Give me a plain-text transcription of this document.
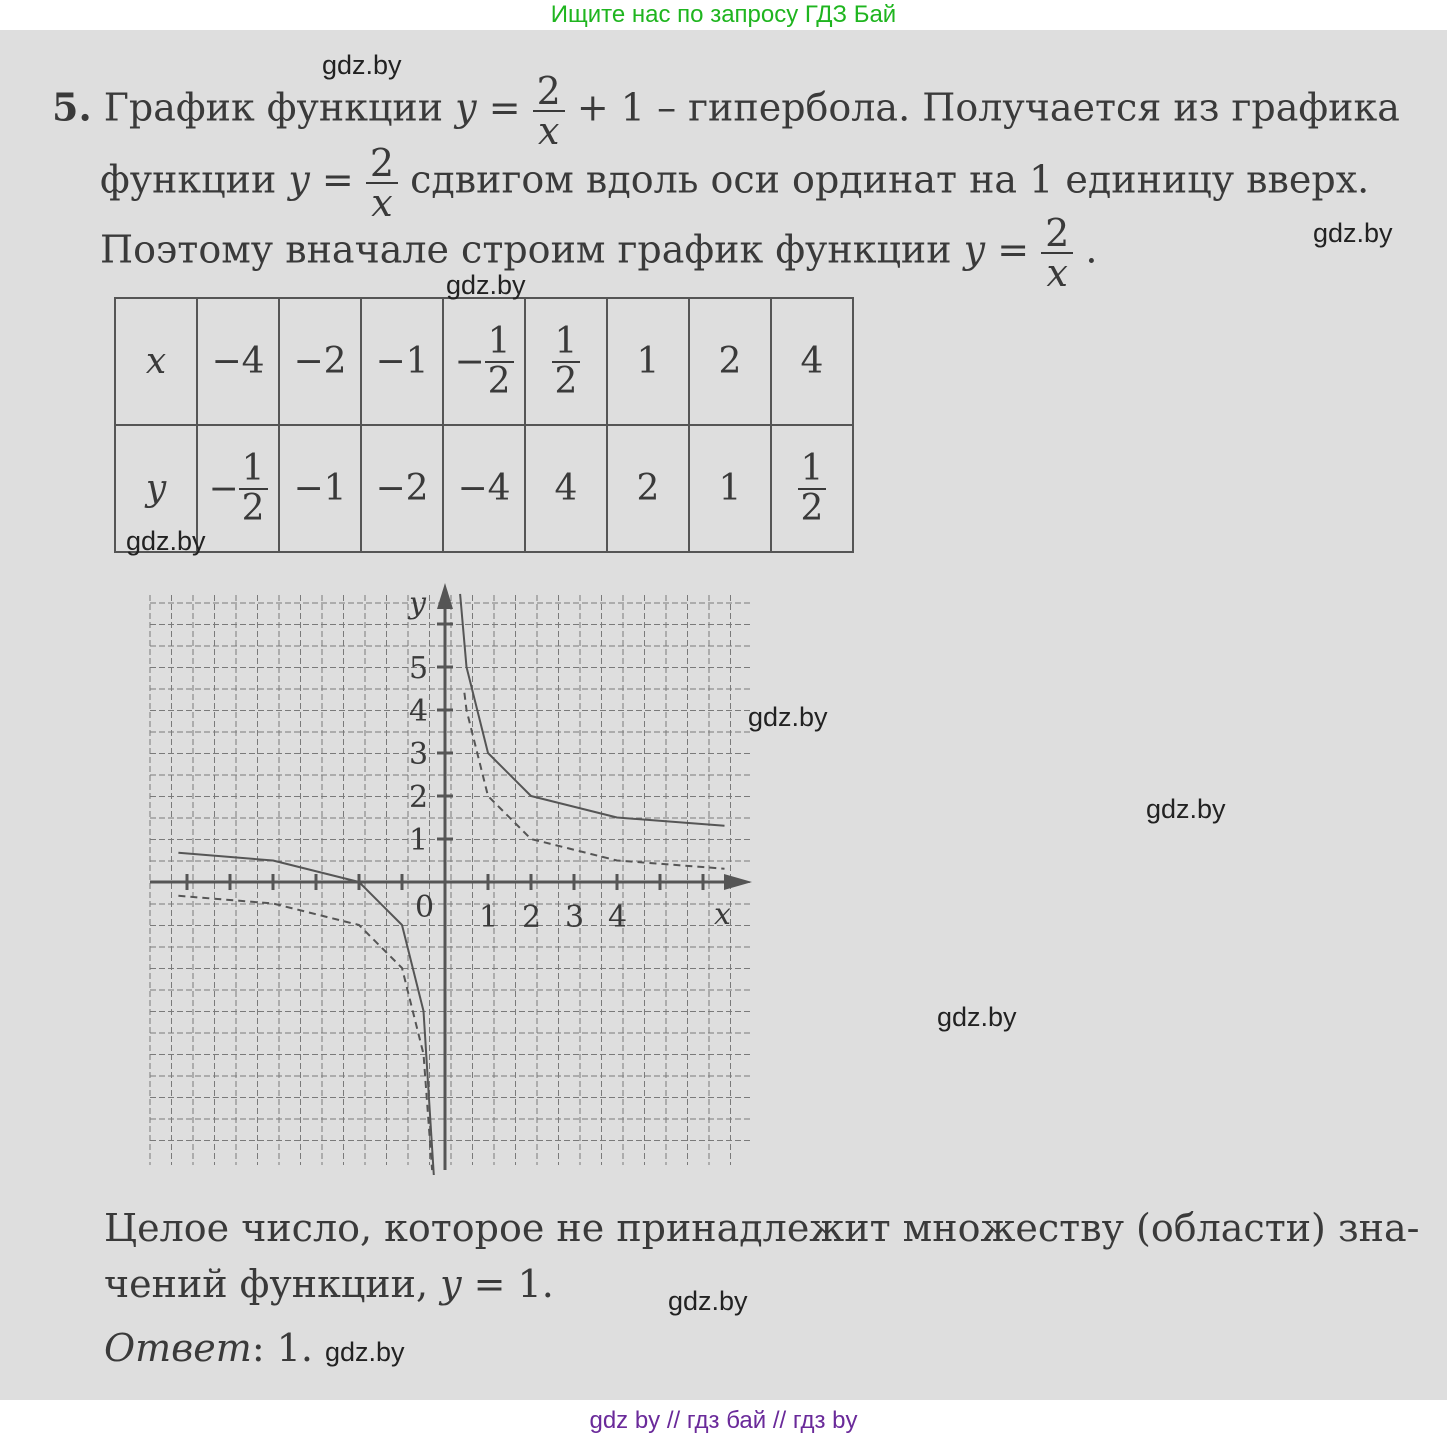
Ищите нас по запросу ГДЗ Бай
5. График функции $y = \frac{2}{x} + 1$ – гипербола. Получается из графика
функции $y = \frac{2}{x}$ сдвигом вдоль оси ординат на 1 единицу вверх.
Поэтому вначале строим график функции $y = \frac{2}{x}$ .
x	−4	−2	−1	− $\frac{1}{2}$	$\frac{1}{2}$	1	2	4
y	− $\frac{1}{2}$	−1	−2	−4	4	2	1	$\frac{1}{2}$
1 2 3 4
1
2
3
4
5
0	x
y
Целое число, которое не принадлежит множеству (области) зна-
чений функции, y = 1.
Ответ: 1.
gdz.by
gdz.by
gdz.by
gdz.by
gdz.by
gdz.by
gdz.by
gdz.by
gdz.by
gdz by // гдз бай // гдз by
